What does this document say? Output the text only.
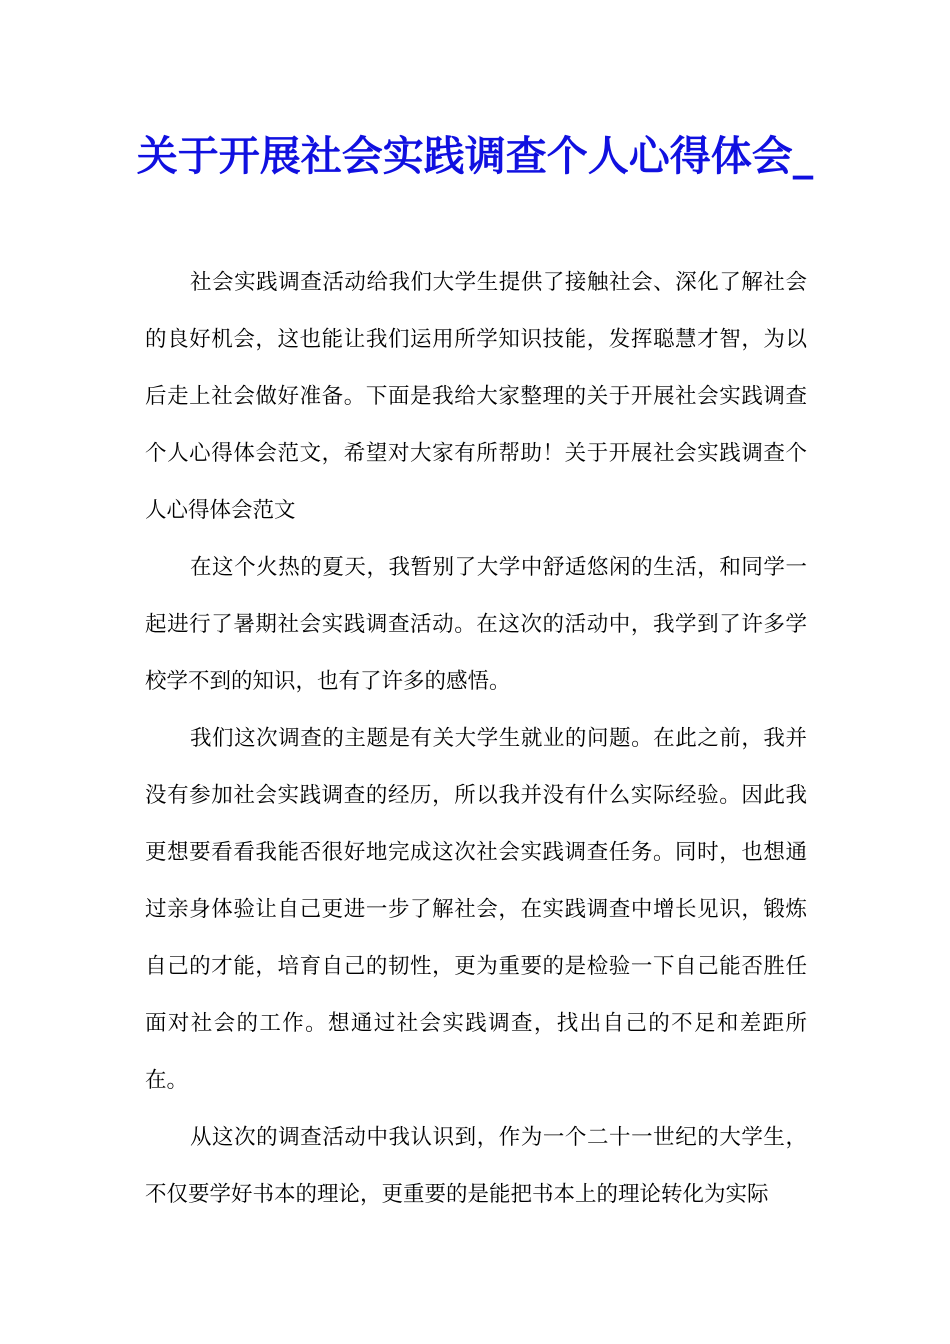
关于开展社会实践调查个人心得体会_

社会实践调查活动给我们大学生提供了接触社会、深化了解社会的良好机会，这也能让我们运用所学知识技能，发挥聪慧才智，为以后走上社会做好准备。下面是我给大家整理的关于开展社会实践调查个人心得体会范文，希望对大家有所帮助！关于开展社会实践调查个人心得体会范文

在这个火热的夏天，我暂别了大学中舒适悠闲的生活，和同学一起进行了暑期社会实践调查活动。在这次的活动中，我学到了许多学校学不到的知识，也有了许多的感悟。

我们这次调查的主题是有关大学生就业的问题。在此之前，我并没有参加社会实践调查的经历，所以我并没有什么实际经验。因此我更想要看看我能否很好地完成这次社会实践调查任务。同时，也想通过亲身体验让自己更进一步了解社会，在实践调查中增长见识，锻炼自己的才能，培育自己的韧性，更为重要的是检验一下自己能否胜任面对社会的工作。想通过社会实践调查，找出自己的不足和差距所在。

从这次的调查活动中我认识到，作为一个二十一世纪的大学生，不仅要学好书本的理论，更重要的是能把书本上的理论转化为实际
